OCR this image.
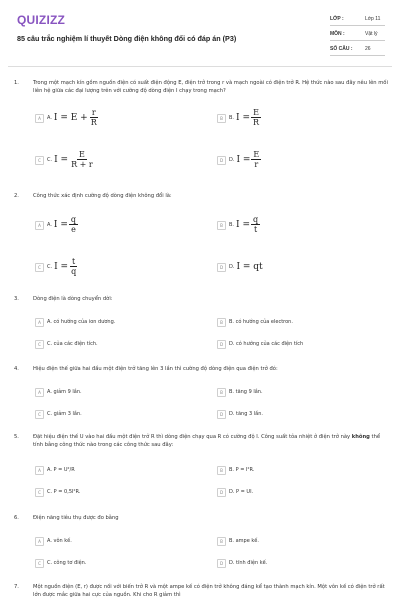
QUIZIZZ
85 câu trắc nghiệm lí thuyết Dòng điện không đổi có đáp án (P3)
LỚP :	Lớp 11
MÔN :	Vật lý
SỐ CÂU :	26
1.	Trong một mạch kín gồm nguồn điện có suất điện động E, điện trở trong r và mạch ngoài có điện trở R. Hệ thức nào sau đây nêu lên mối liên hệ giữa các đại lượng trên với cường độ dòng điện I chạy trong mạch?
A	A. $I = E + \frac{r}{R}$	B	B. $I = \frac{E}{R}$
C	C. $I = \frac{E}{R + r}$	D	D. $I = \frac{E}{r}$
2.	Công thức xác định cường độ dòng điện không đổi là:
A	A. $I = \frac{q}{e}$	B	B. $I = \frac{q}{t}$
C	C. $I = \frac{t}{q}$	D	D. I = qt
3.	Dòng điện là dòng chuyển dời:
A	A. có hướng của ion dương.	B	B. có hướng của electron.
C	C. của các điện tích.	D	D. có hướng của các điện tích
4.	Hiệu điện thế giữa hai đầu một điện trở tăng lên 3 lần thì cường độ dòng điện qua điện trở đó:
A	A. giảm 9 lần.	B	B. tăng 9 lần.
C	C. giảm 3 lần.	D	D. tăng 3 lần.
5.	Đặt hiệu điện thế U vào hai đầu một điện trở R thì dòng điện chạy qua R có cường độ I. Công suất tỏa nhiệt ở điện trở này không thể tính bằng công thức nào trong các công thức sau đây:
A	A. P = U²/R	B	B. P = I²R.
C	C. P = 0,5I²R.	D	D. P = UI.
6.	Điện năng tiêu thụ được đo bằng
A	A. vôn kế.	B	B. ampe kế.
C	C. công tơ điện.	D	D. tĩnh điện kế.
7.	Một nguồn điện (E, r) được nối với biến trở R và một ampe kế có điện trở không đáng kể tạo thành mạch kín. Một vôn kế có điện trở rất lớn được mắc giữa hai cực của nguồn. Khi cho R giảm thì
